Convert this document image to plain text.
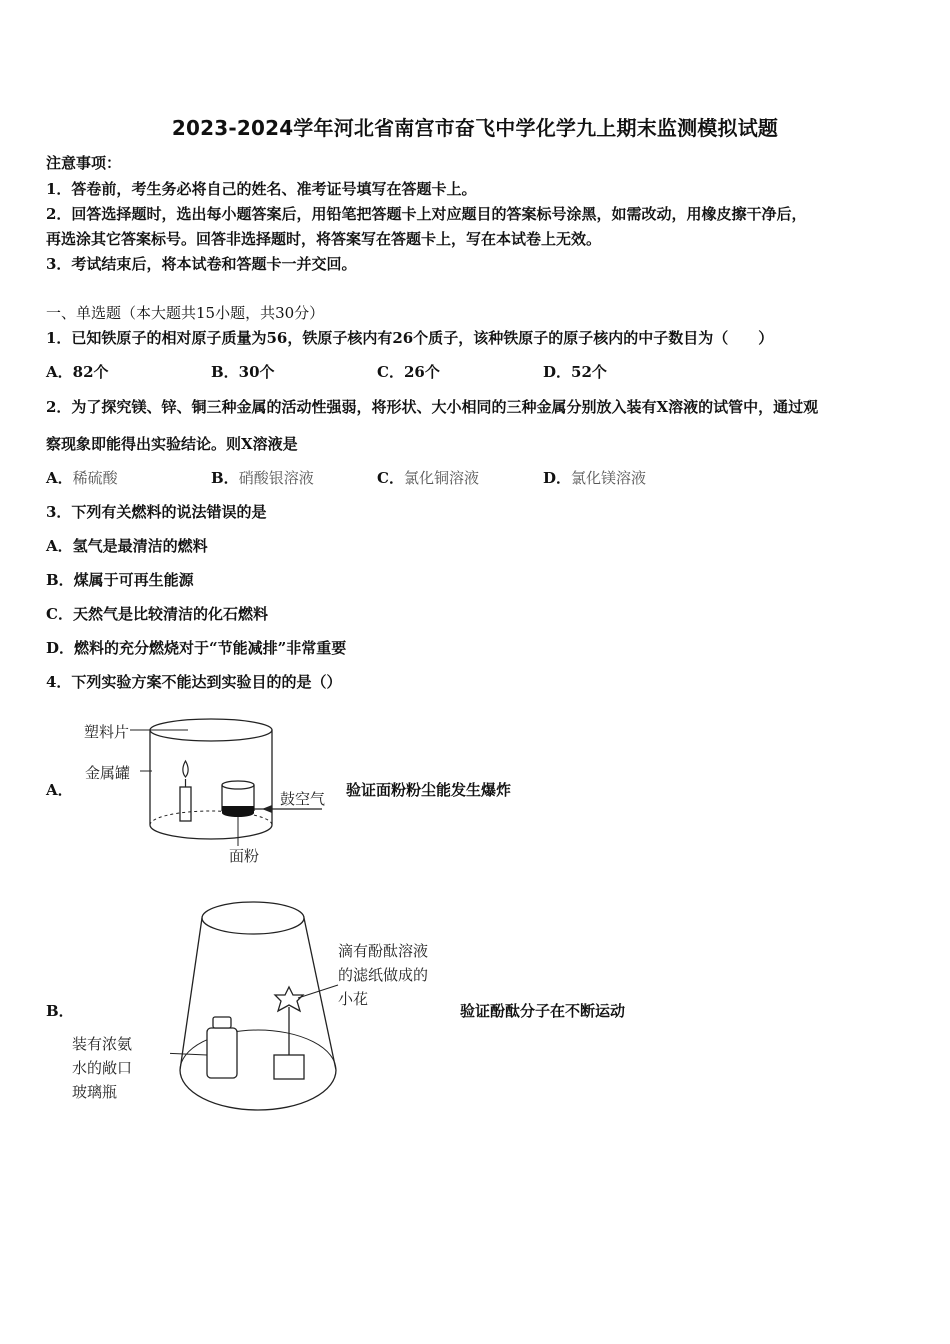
2023-2024学年河北省南宫市奋飞中学化学九上期末监测模拟试题
注意事项：
1．答卷前，考生务必将自己的姓名、准考证号填写在答题卡上。
2．回答选择题时，选出每小题答案后，用铅笔把答题卡上对应题目的答案标号涂黑，如需改动，用橡皮擦干净后，
再选涂其它答案标号。回答非选择题时，将答案写在答题卡上，写在本试卷上无效。
3．考试结束后，将本试卷和答题卡一并交回。
一、单选题（本大题共15小题，共30分）
1．已知铁原子的相对原子质量为56，铁原子核内有26个质子，该种铁原子的原子核内的中子数目为（　　）
A．82个	B．30个	C．26个	D．52个
2．为了探究镁、锌、铜三种金属的活动性强弱，将形状、大小相同的三种金属分别放入装有X溶液的试管中，通过观
察现象即能得出实验结论。则X溶液是
A．稀硫酸	B．硝酸银溶液	C．氯化铜溶液	D．氯化镁溶液
3．下列有关燃料的说法错误的是
A．氢气是最清洁的燃料
B．煤属于可再生能源
C．天然气是比较清洁的化石燃料
D．燃料的充分燃烧对于“节能减排”非常重要
4．下列实验方案不能达到实验目的的是（）
A．
塑料片
金属罐
鼓空气
面粉
验证面粉粉尘能发生爆炸
B．
滴有酚酞溶液
的滤纸做成的
小花
装有浓氨
水的敞口
玻璃瓶
验证酚酞分子在不断运动
